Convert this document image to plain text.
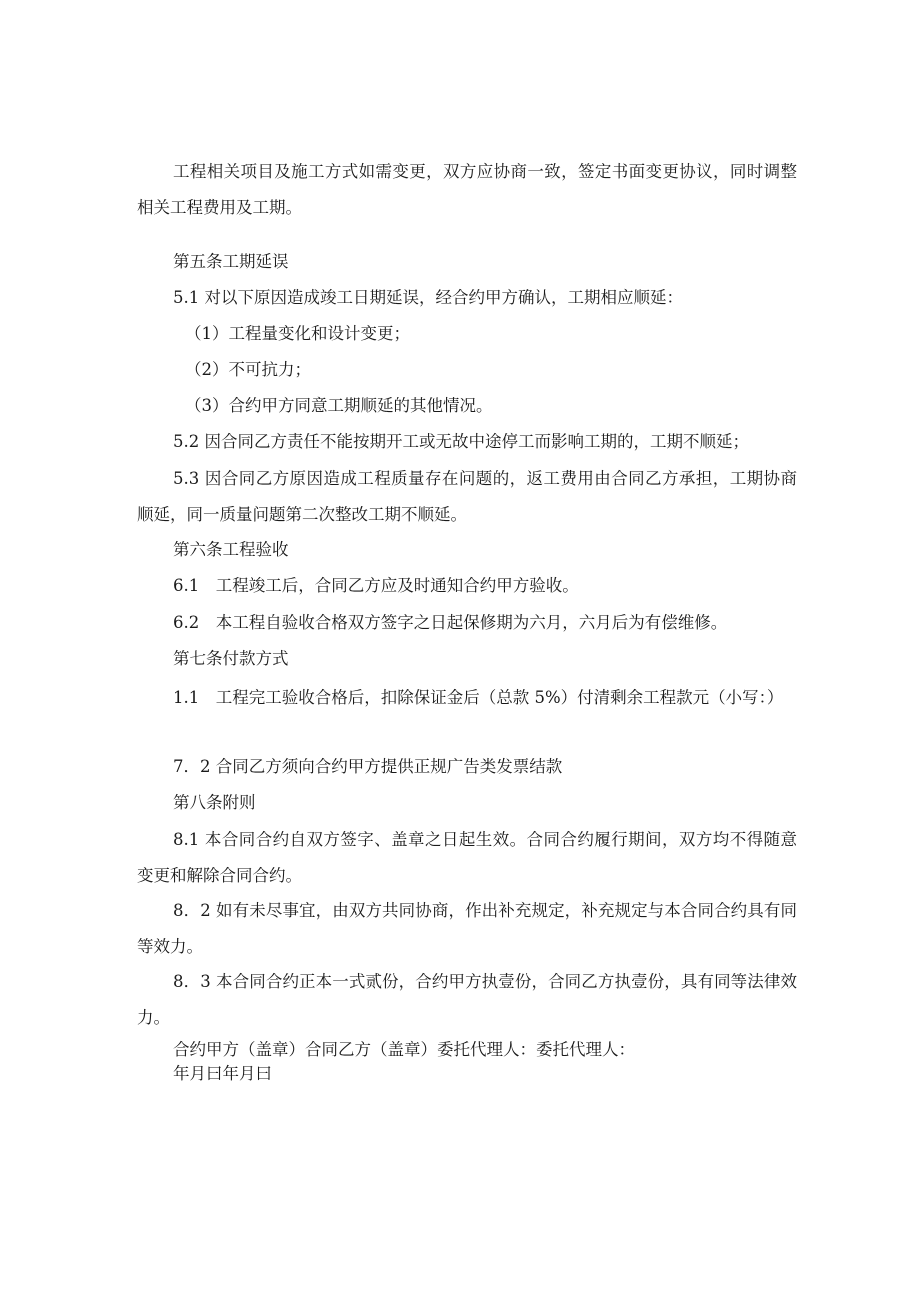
工程相关项目及施工方式如需变更，双方应协商一致，签定书面变更协议，同时调整相关工程费用及工期。

第五条工期延误

5.1 对以下原因造成竣工日期延误，经合约甲方确认，工期相应顺延：

（1）工程量变化和设计变更；

（2）不可抗力；

（3）合约甲方同意工期顺延的其他情况。

5.2 因合同乙方责任不能按期开工或无故中途停工而影响工期的，工期不顺延；

5.3 因合同乙方原因造成工程质量存在问题的，返工费用由合同乙方承担，工期协商顺延，同一质量问题第二次整改工期不顺延。

第六条工程验收

6.1　工程竣工后，合同乙方应及时通知合约甲方验收。

6.2　本工程自验收合格双方签字之日起保修期为六月，六月后为有偿维修。

第七条付款方式

1.1　工程完工验收合格后，扣除保证金后（总款 5%）付清剩余工程款元（小写：）

7．2 合同乙方须向合约甲方提供正规广告类发票结款

第八条附则

8.1 本合同合约自双方签字、盖章之日起生效。合同合约履行期间，双方均不得随意变更和解除合同合约。

8．2 如有未尽事宜，由双方共同协商，作出补充规定，补充规定与本合同合约具有同等效力。

8．3 本合同合约正本一式贰份，合约甲方执壹份，合同乙方执壹份，具有同等法律效力。

合约甲方（盖章）合同乙方（盖章）委托代理人：委托代理人：

年月曰年月曰
